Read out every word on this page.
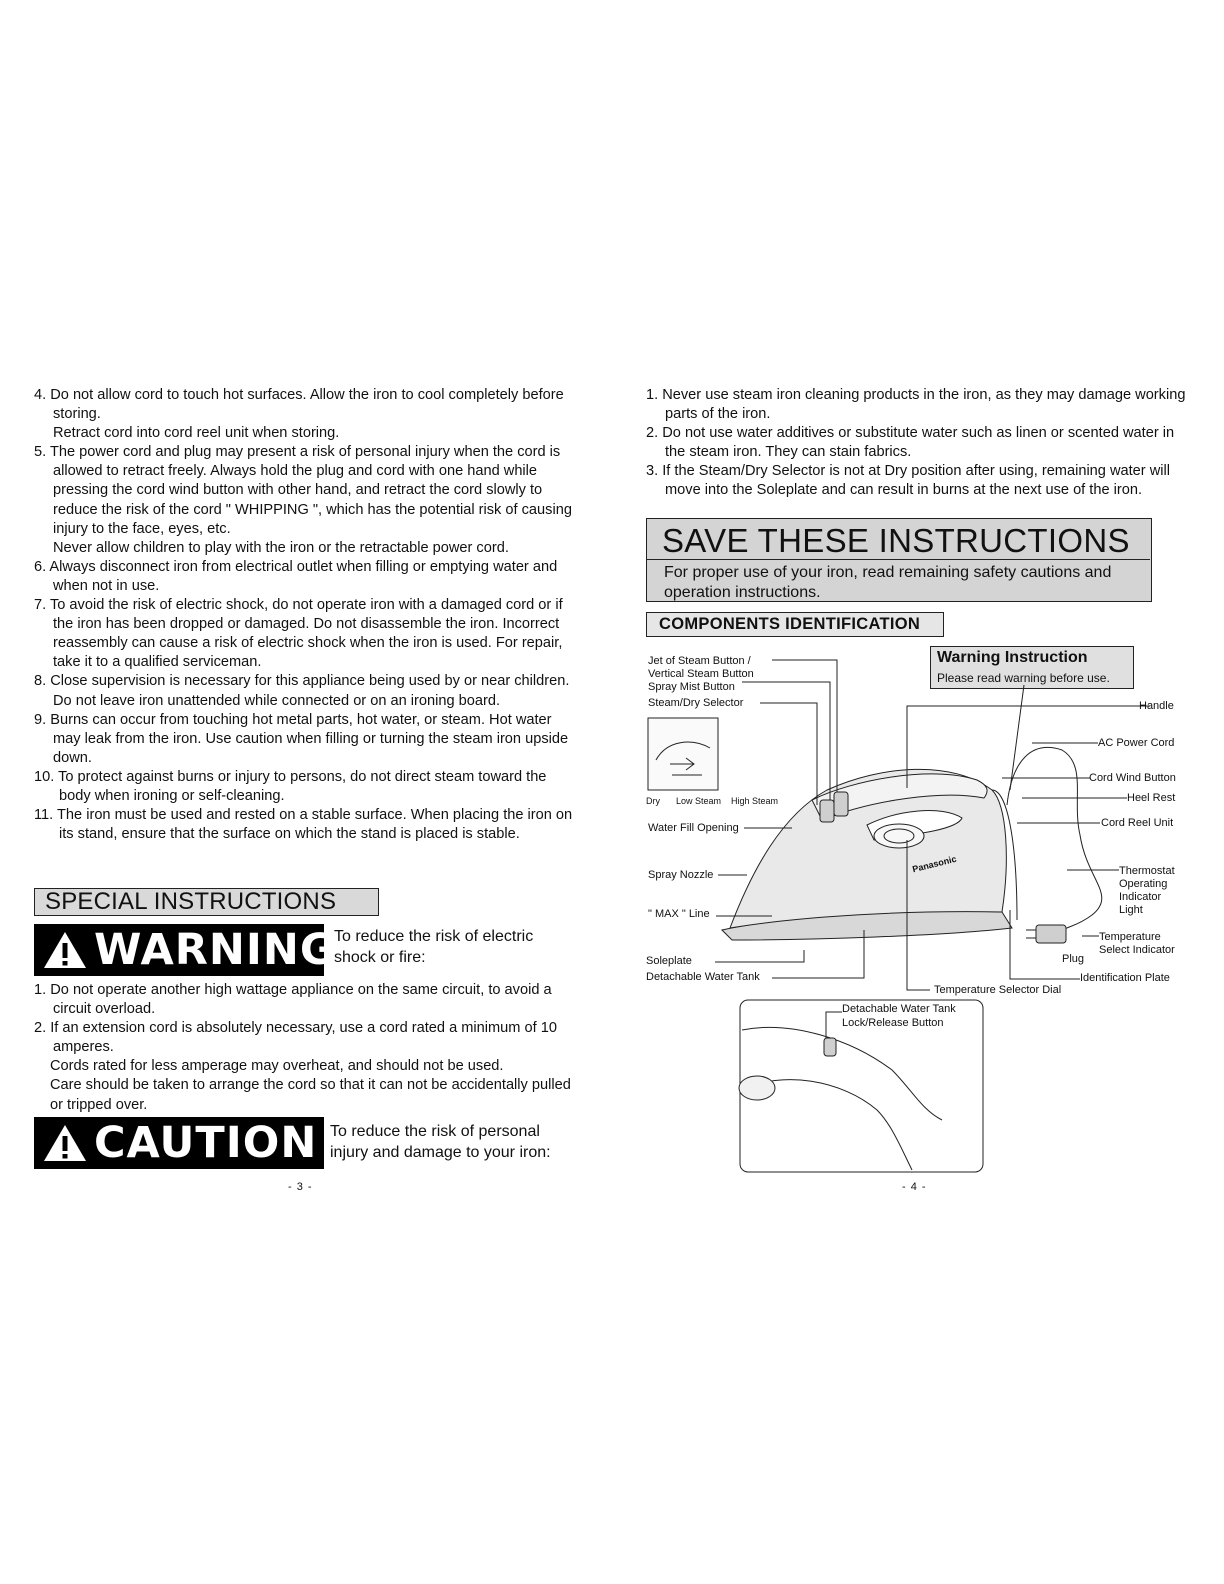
4. Do not allow cord to touch hot surfaces. Allow the iron to cool completely before storing.

Retract cord into cord reel unit when storing.

5. The power cord and plug may present a risk of personal injury when the cord is allowed to retract freely. Always hold the plug and cord with one hand while pressing the cord wind button with other hand, and retract the cord slowly to reduce the risk of the cord " WHIPPING ", which has the potential risk of causing injury to the face, eyes, etc.

Never allow children to play with the iron or the retractable power cord.

6. Always disconnect iron from electrical outlet when filling or emptying water and when not in use.

7. To avoid the risk of electric shock, do not operate iron with a damaged cord or if the iron has been dropped or damaged. Do not disassemble the iron. Incorrect reassembly can cause a risk of electric shock when the iron is used. For repair, take it to a qualified serviceman.

8. Close supervision is necessary for this appliance being used by or near children. Do not leave iron unattended while connected or on an ironing board.

9. Burns can occur from touching hot metal parts, hot water, or steam. Hot water may leak from the iron. Use caution when filling or turning the steam iron upside down.

10. To protect against burns or injury to persons, do not direct steam toward the body when ironing or self-cleaning.

11. The iron must be used and rested on a stable surface. When placing the iron on its stand, ensure that the surface on which the stand is placed is stable.

SPECIAL INSTRUCTIONS
WARNING
To reduce the risk of electric shock or fire:

1. Do not operate another high wattage appliance on the same circuit, to avoid a circuit overload.

2. If an extension cord is absolutely necessary, use a cord rated a minimum of 10 amperes.

Cords rated for less amperage may overheat, and should not be used.

Care should be taken to arrange the cord so that it can not be accidentally pulled or tripped over.

CAUTION To reduce the risk of personal injury and damage to your iron:
- 3 -

1. Never use steam iron cleaning products in the iron, as they may damage working parts of the iron.

2. Do not use water additives or substitute water such as linen or scented water in the steam iron. They can stain fabrics.

3. If the Steam/Dry Selector is not at Dry position after using, remaining water will move into the Soleplate and can result in burns at the next use of the iron.

SAVE THESE INSTRUCTIONS
For proper use of your iron, read remaining safety cautions and operation instructions.
COMPONENTS IDENTIFICATION
Warning Instruction
Please read warning before use.
Jet of Steam Button /
Vertical Steam Button
Spray Mist Button
Steam/Dry Selector
Dry Low Steam High Steam
Water Fill Opening
Spray Nozzle
" MAX " Line
Soleplate
Detachable Water Tank
Handle
AC Power Cord
Cord Wind Button
Heel Rest
Cord Reel Unit
Thermostat Operating Indicator Light
Temperature Select Indicator
Plug
Identification Plate
Temperature Selector Dial
Panasonic
Detachable Water Tank
Lock/Release Button
- 4 -
